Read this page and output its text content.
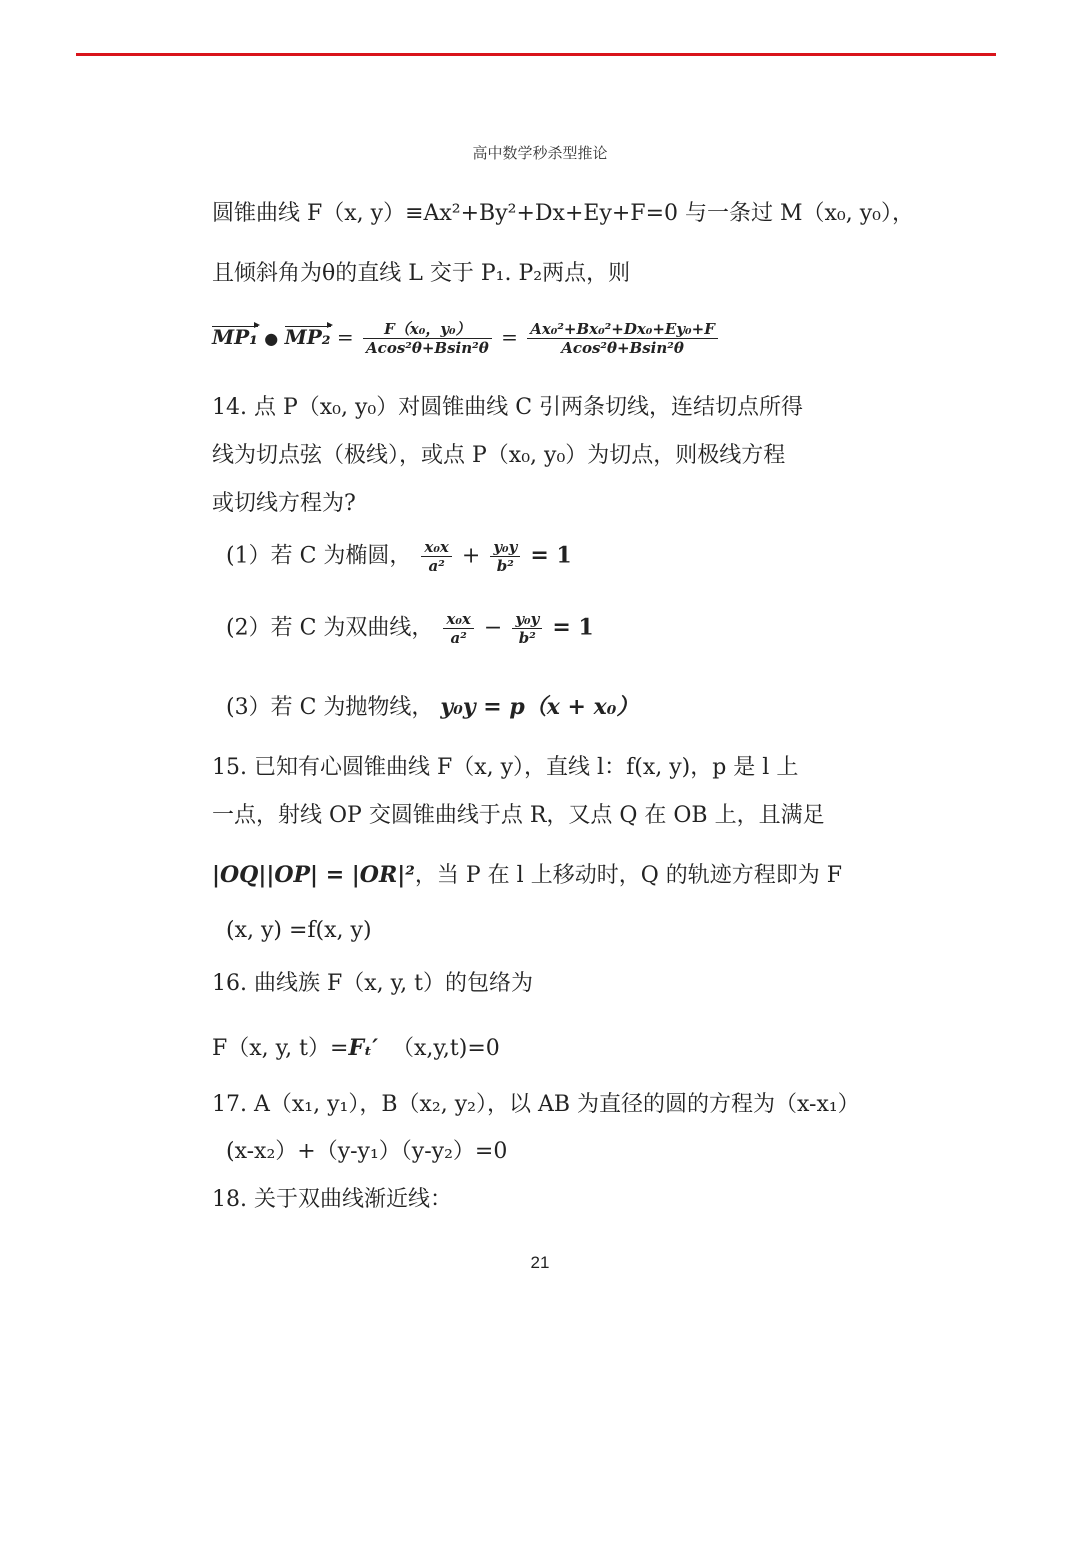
高中数学秒杀型推论
圆锥曲线 F（x, y）≡Ax²+By²+Dx+Ey+F=0 与一条过 M（x₀, y₀），
且倾斜角为θ的直线 L 交于 P₁. P₂两点，则
MP₁ ● $MP_2 = \frac{\text{F（x₀，y₀）}}{\text{Acos²θ+Bsin²θ}} = \frac{\text{Ax₀²+Bx₀²+Dx₀+Ey₀+F}}{\text{Acos²θ+Bsin²θ}}$
14. 点 P（x₀, y₀）对圆锥曲线 C 引两条切线，连结切点所得
线为切点弦（极线），或点 P（x₀, y₀）为切点，则极线方程
或切线方程为?
(1）若 C 为椭圆， $\frac{\text{x₀x}}{\text{a²}} + \frac{\text{y₀y}}{\text{b²}} = 1$
(2）若 C 为双曲线， $\frac{\text{x₀x}}{\text{a²}} - \frac{\text{y₀y}}{\text{b²}} = 1$
(3）若 C 为抛物线， y₀y = p（x + x₀）
15. 已知有心圆锥曲线 F（x, y），直线 l：f(x, y)，p 是 l 上
一点，射线 OP 交圆锥曲线于点 R，又点 Q 在 OB 上，且满足
|OQ||OP| = |OR|²，当 P 在 l 上移动时，Q 的轨迹方程即为 F
(x, y) =f(x, y)
16. 曲线族 F（x, y, t）的包络为
F（x, y, t）=Fₜ′ （x,y,t)=0
17. A（x₁, y₁），B（x₂, y₂），以 AB 为直径的圆的方程为（x-x₁）
(x-x₂）+（y-y₁）（y-y₂）=0
18. 关于双曲线渐近线：
21
